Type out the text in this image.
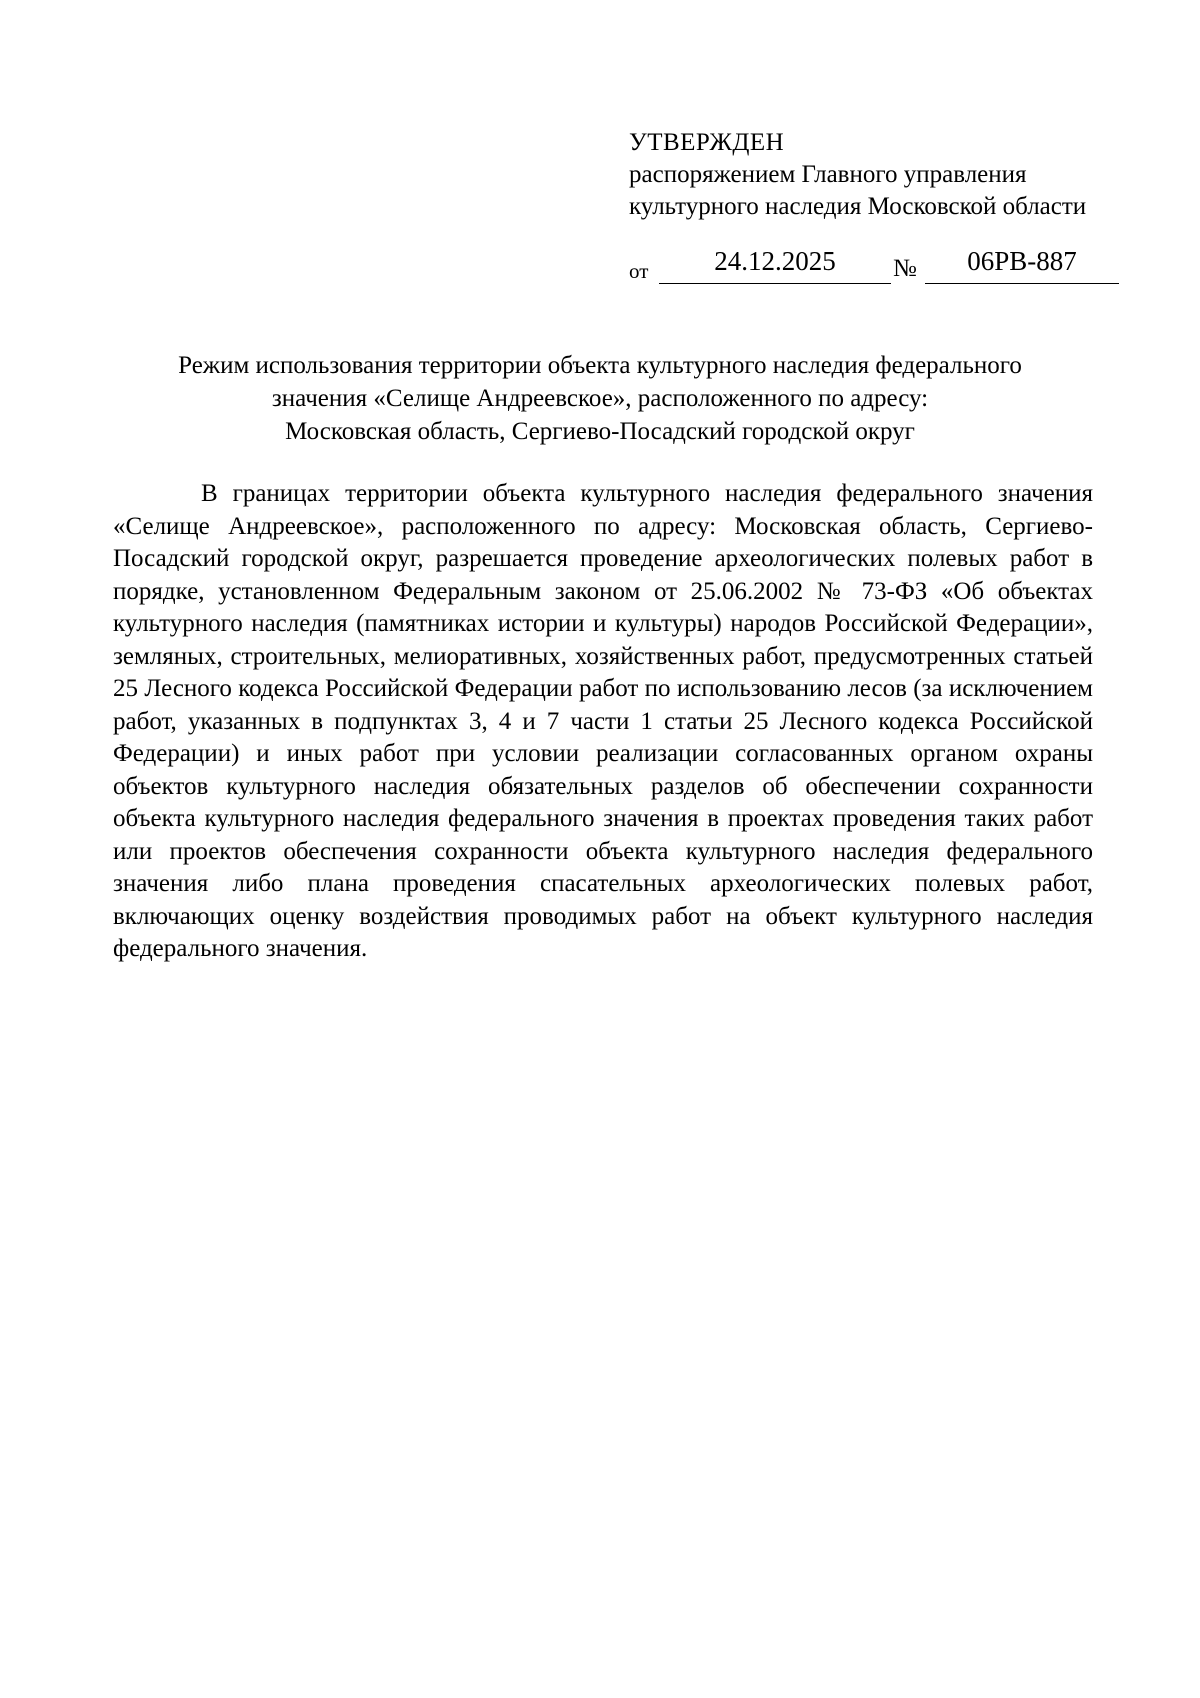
УТВЕРЖДЕН
распоряжением Главного управления
культурного наследия Московской области
от	24.12.2025	№	06РВ-887
Режим использования территории объекта культурного наследия федерального
значения «Селище Андреевское», расположенного по адресу:
Московская область, Сергиево-Посадский городской округ

В границах территории объекта культурного наследия федерального значения «Селище Андреевское», расположенного по адресу: Московская область, Сергиево-Посадский городской округ, разрешается проведение археологических полевых работ в порядке, установленном Федеральным законом от 25.06.2002 № 73-ФЗ «Об объектах культурного наследия (памятниках истории и культуры) народов Российской Федерации», земляных, строительных, мелиоративных, хозяйственных работ, предусмотренных статьей 25 Лесного кодекса Российской Федерации работ по использованию лесов (за исключением работ, указанных в подпунктах 3, 4 и 7 части 1 статьи 25 Лесного кодекса Российской Федерации) и иных работ при условии реализации согласованных органом охраны объектов культурного наследия обязательных разделов об обеспечении сохранности объекта культурного наследия федерального значения в проектах проведения таких работ или проектов обеспечения сохранности объекта культурного наследия федерального значения либо плана проведения спасательных археологических полевых работ, включающих оценку воздействия проводимых работ на объект культурного наследия федерального значения.
